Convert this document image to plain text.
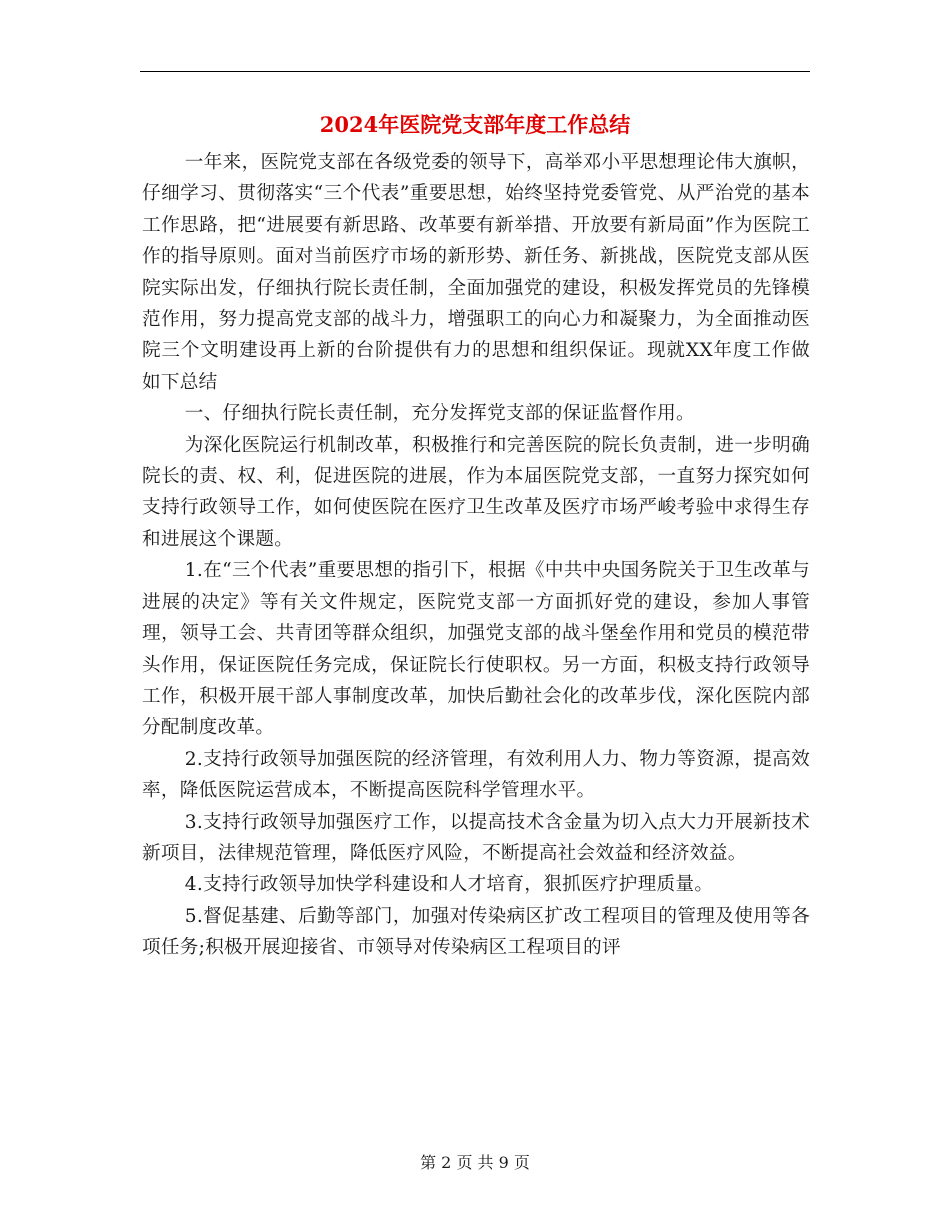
2024年医院党支部年度工作总结

一年来，医院党支部在各级党委的领导下，高举邓小平思想理论伟大旗帜，仔细学习、贯彻落实“三个代表”重要思想，始终坚持党委管党、从严治党的基本工作思路，把“进展要有新思路、改革要有新举措、开放要有新局面”作为医院工作的指导原则。面对当前医疗市场的新形势、新任务、新挑战，医院党支部从医院实际出发，仔细执行院长责任制，全面加强党的建设，积极发挥党员的先锋模范作用，努力提高党支部的战斗力，增强职工的向心力和凝聚力，为全面推动医院三个文明建设再上新的台阶提供有力的思想和组织保证。现就XX年度工作做如下总结

一、仔细执行院长责任制，充分发挥党支部的保证监督作用。

为深化医院运行机制改革，积极推行和完善医院的院长负责制，进一步明确院长的责、权、利，促进医院的进展，作为本届医院党支部，一直努力探究如何支持行政领导工作，如何使医院在医疗卫生改革及医疗市场严峻考验中求得生存和进展这个课题。

1.在“三个代表”重要思想的指引下，根据《中共中央国务院关于卫生改革与进展的决定》等有关文件规定，医院党支部一方面抓好党的建设，参加人事管理，领导工会、共青团等群众组织，加强党支部的战斗堡垒作用和党员的模范带头作用，保证医院任务完成，保证院长行使职权。另一方面，积极支持行政领导工作，积极开展干部人事制度改革，加快后勤社会化的改革步伐，深化医院内部分配制度改革。

2.支持行政领导加强医院的经济管理，有效利用人力、物力等资源，提高效率，降低医院运营成本，不断提高医院科学管理水平。

3.支持行政领导加强医疗工作，以提高技术含金量为切入点大力开展新技术新项目，法律规范管理，降低医疗风险，不断提高社会效益和经济效益。

4.支持行政领导加快学科建设和人才培育，狠抓医疗护理质量。

5.督促基建、后勤等部门，加强对传染病区扩改工程项目的管理及使用等各项任务;积极开展迎接省、市领导对传染病区工程项目的评

第 2 页 共 9 页
